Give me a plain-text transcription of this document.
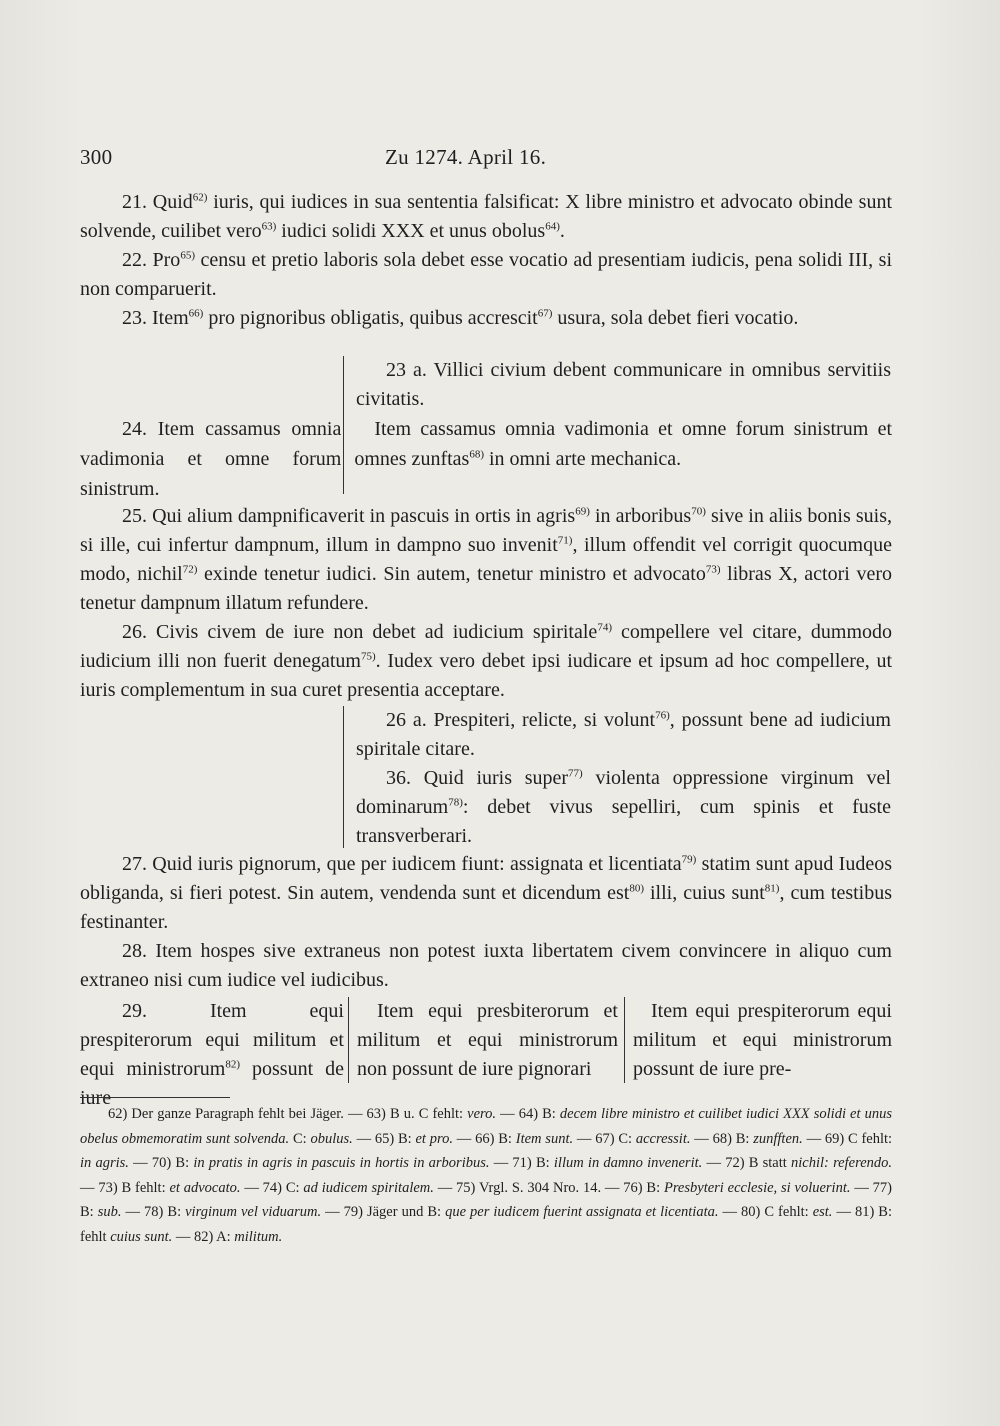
300	Zu 1274. April 16.

21. Quid$^{62)}$ iuris, qui iudices in sua sententia falsificat: X libre ministro et advocato obinde sunt solvende, cuilibet vero$^{63)}$ iudici solidi XXX et unus obolus$^{64)}$.

22. Pro$^{65)}$ censu et pretio laboris sola debet esse vocatio ad presentiam iudicis, pena solidi III, si non comparuerit.

23. Item$^{66)}$ pro pignoribus obligatis, quibus accrescit$^{67)}$ usura, sola debet fieri vocatio.

23 a. Villici civium debent communicare in omnibus servitiis civitatis.

24. Item cassamus omnia vadimonia et omne forum sinistrum.
Item cassamus omnia vadimonia et omne forum sinistrum et omnes zunftas$^{68)}$ in omni arte mechanica.

25. Qui alium dampnificaverit in pascuis in ortis in agris$^{69)}$ in arboribus$^{70)}$ sive in aliis bonis suis, si ille, cui infertur dampnum, illum in dampno suo invenit$^{71)}$, illum offendit vel corrigit quocumque modo, nichil$^{72)}$ exinde tenetur iudici. Sin autem, tenetur ministro et advocato$^{73)}$ libras X, actori vero tenetur dampnum illatum refundere.

26. Civis civem de iure non debet ad iudicium spiritale$^{74)}$ compellere vel citare, dummodo iudicium illi non fuerit denegatum$^{75)}$. Iudex vero debet ipsi iudicare et ipsum ad hoc compellere, ut iuris complementum in sua curet presentia acceptare.

26 a. Prespiteri, relicte, si volunt$^{76)}$, possunt bene ad iudicium spiritale citare.

36. Quid iuris super$^{77)}$ violenta oppressione virginum vel dominarum$^{78)}$: debet vivus sepelliri, cum spinis et fuste transverberari.

27. Quid iuris pignorum, que per iudicem fiunt: assignata et licentiata$^{79)}$ statim sunt apud Iudeos obliganda, si fieri potest. Sin autem, vendenda sunt et dicendum est$^{80)}$ illi, cuius sunt$^{81)}$, cum testibus festinanter.

28. Item hospes sive extraneus non potest iuxta libertatem civem convincere in aliquo cum extraneo nisi cum iudice vel iudicibus.

29. Item equi prespiterorum equi militum et equi ministrorum$^{82)}$ possunt de iure
Item equi presbiterorum et militum et equi ministrorum non possunt de iure pignorari
Item equi prespiterorum equi militum et equi ministrorum possunt de iure pre-

62) Der ganze Paragraph fehlt bei Jäger. — 63) B u. C fehlt: vero. — 64) B: decem libre ministro et cuilibet iudici XXX solidi et unus obelus obmemoratim sunt solvenda. C: obulus. — 65) B: et pro. — 66) B: Item sunt. — 67) C: accressit. — 68) B: zunfften. — 69) C fehlt: in agris. — 70) B: in pratis in agris in pascuis in hortis in arboribus. — 71) B: illum in damno invenerit. — 72) B statt nichil: referendo. — 73) B fehlt: et advocato. — 74) C: ad iudicem spiritalem. — 75) Vrgl. S. 304 Nro. 14. — 76) B: Presbyteri ecclesie, si voluerint. — 77) B: sub. — 78) B: virginum vel viduarum. — 79) Jäger und B: que per iudicem fuerint assignata et licentiata. — 80) C fehlt: est. — 81) B: fehlt cuius sunt. — 82) A: militum.
